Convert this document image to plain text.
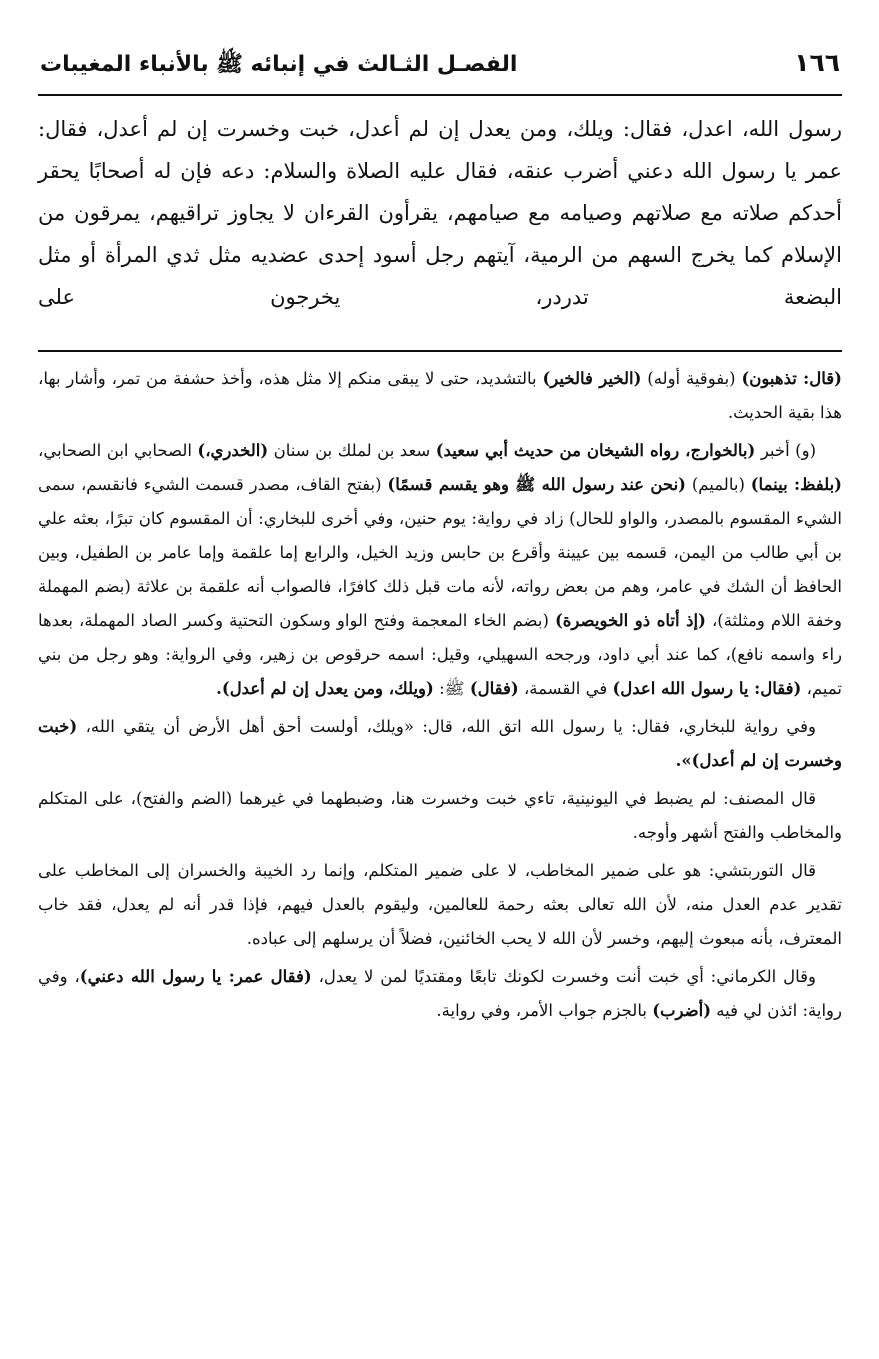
١٦٦
الفصـل الثـالث في إنبائه ﷺ بالأنباء المغيبات

رسول الله، اعدل، فقال: ويلك، ومن يعدل إن لم أعدل، خبت وخسرت إن لم أعدل، فقال: عمر يا رسول الله دعني أضرب عنقه، فقال عليه الصلاة والسلام: دعه فإن له أصحابًا يحقر أحدكم صلاته مع صلاتهم وصيامه مع صيامهم، يقرأون القرءان لا يجاوز تراقيهم، يمرقون من الإسلام كما يخرج السهم من الرمية، آيتهم رجل أسود إحدى عضديه مثل ثدي المرأة أو مثل البضعة تدردر، يخرجون على

(قال: تذهبون) (بفوقية أوله) (الخير فالخير) بالتشديد، حتى لا يبقى منكم إلا مثل هذه، وأخذ حشفة من تمر، وأشار بها، هذا بقية الحديث.

(و) أخبر (بالخوارج، رواه الشيخان من حديث أبي سعيد) سعد بن لملك بن سنان (الخدري،) الصحابي ابن الصحابي، (بلفظ: بينما) (بالميم) (نحن عند رسول الله ﷺ وهو يقسم قسمًا) (بفتح القاف، مصدر قسمت الشيء فانقسم، سمى الشيء المقسوم بالمصدر، والواو للحال) زاد في رواية: يوم حنين، وفي أخرى للبخاري: أن المقسوم كان تبرًا، بعثه علي بن أبي طالب من اليمن، قسمه بين عيينة وأقرع بن حابس وزيد الخيل، والرابع إما علقمة وإما عامر بن الطفيل، وبين الحافظ أن الشك في عامر، وهم من بعض رواته، لأنه مات قبل ذلك كافرًا، فالصواب أنه علقمة بن علاثة (بضم المهملة وخفة اللام ومثلثة)، (إذ أتاه ذو الخويصرة) (بضم الخاء المعجمة وفتح الواو وسكون التحتية وكسر الصاد المهملة، بعدها راء واسمه نافع)، كما عند أبي داود، ورجحه السهيلي، وقيل: اسمه حرقوص بن زهير، وفي الرواية: وهو رجل من بني تميم، (فقال: يا رسول الله اعدل) في القسمة، (فقال) ﷺ: (ويلك، ومن يعدل إن لم أعدل).

وفي رواية للبخاري، فقال: يا رسول الله اتق الله، قال: «ويلك، أولست أحق أهل الأرض أن يتقي الله، (خبت وخسرت إن لم أعدل)».

قال المصنف: لم يضبط في اليونينية، تاءي خبت وخسرت هنا، وضبطهما في غيرهما (الضم والفتح)، على المتكلم والمخاطب والفتح أشهر وأوجه.

قال التوربتشي: هو على ضمير المخاطب، لا على ضمير المتكلم، وإنما رد الخيبة والخسران إلى المخاطب على تقدير عدم العدل منه، لأن الله تعالى بعثه رحمة للعالمين، وليقوم بالعدل فيهم، فإذا قدر أنه لم يعدل، فقد خاب المعترف، بأنه مبعوث إليهم، وخسر لأن الله لا يحب الخائنين، فضلاً أن يرسلهم إلى عباده.

وقال الكرماني: أي خبت أنت وخسرت لكونك تابعًا ومقتديًا لمن لا يعدل، (فقال عمر: يا رسول الله دعني)، وفي رواية: ائذن لي فيه (أضرب) بالجزم جواب الأمر، وفي رواية.
